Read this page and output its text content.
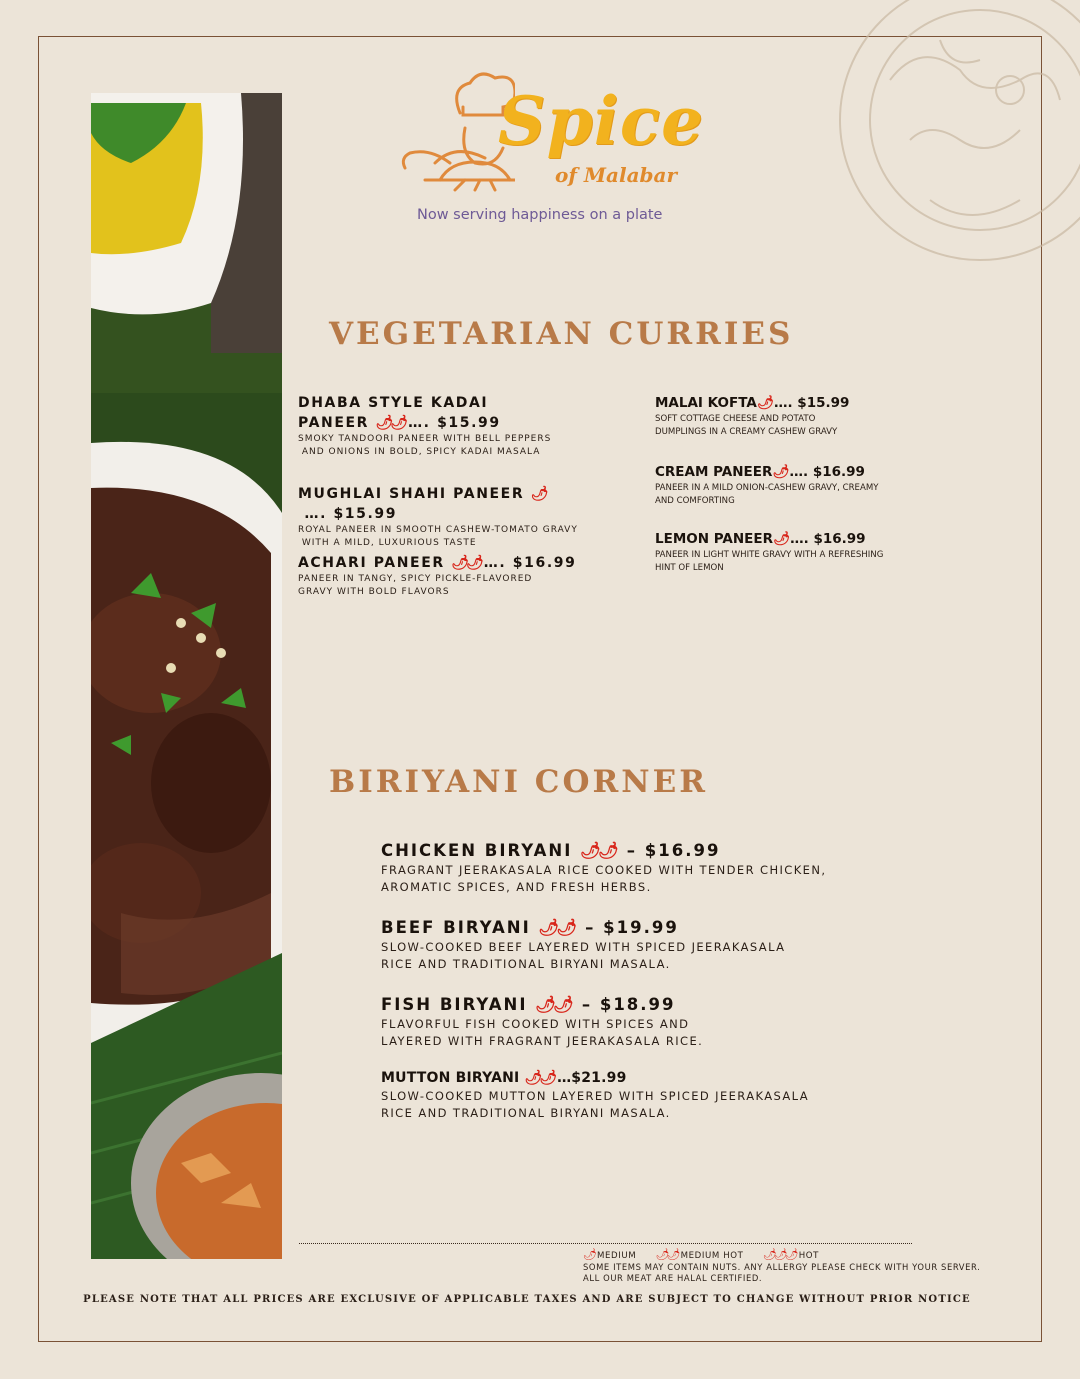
Spice
of Malabar
Now serving happiness on a plate
VEGETARIAN CURRIES
DHABA STYLE KADAI
PANEER 🌶🌶 …. $15.99
SMOKY TANDOORI PANEER WITH BELL PEPPERS
AND ONIONS IN BOLD, SPICY KADAI MASALA
MUGHLAI SHAHI PANEER 🌶 …. $15.99
ROYAL PANEER IN SMOOTH CASHEW-TOMATO GRAVY
WITH A MILD, LUXURIOUS TASTE
ACHARI PANEER 🌶🌶 …. $16.99
PANEER IN TANGY, SPICY PICKLE-FLAVORED
GRAVY WITH BOLD FLAVORS
MALAI KOFTA🌶 …. $15.99
SOFT COTTAGE CHEESE AND POTATO
DUMPLINGS IN A CREAMY CASHEW GRAVY
CREAM PANEER🌶 …. $16.99
PANEER IN A MILD ONION-CASHEW GRAVY, CREAMY
AND COMFORTING
LEMON PANEER🌶 …. $16.99
PANEER IN LIGHT WHITE GRAVY WITH A REFRESHING
HINT OF LEMON
BIRIYANI CORNER
CHICKEN BIRYANI 🌶🌶 – $16.99
FRAGRANT JEERAKASALA RICE COOKED WITH TENDER CHICKEN,
AROMATIC SPICES, AND FRESH HERBS.
BEEF BIRYANI 🌶🌶 – $19.99
SLOW-COOKED BEEF LAYERED WITH SPICED JEERAKASALA
RICE AND TRADITIONAL BIRYANI MASALA.
FISH BIRYANI 🌶🌶 – $18.99
FLAVORFUL FISH COOKED WITH SPICES AND
LAYERED WITH FRAGRANT JEERAKASALA RICE.
MUTTON BIRYANI 🌶🌶 …$21.99
SLOW-COOKED MUTTON LAYERED WITH SPICED JEERAKASALA
RICE AND TRADITIONAL BIRYANI MASALA.
🌶 MEDIUM 🌶🌶 MEDIUM HOT 🌶🌶🌶 HOT
SOME ITEMS MAY CONTAIN NUTS. ANY ALLERGY PLEASE CHECK WITH YOUR SERVER.
ALL OUR MEAT ARE HALAL CERTIFIED.
PLEASE NOTE THAT ALL PRICES ARE EXCLUSIVE OF APPLICABLE TAXES AND ARE SUBJECT TO CHANGE WITHOUT PRIOR NOTICE
